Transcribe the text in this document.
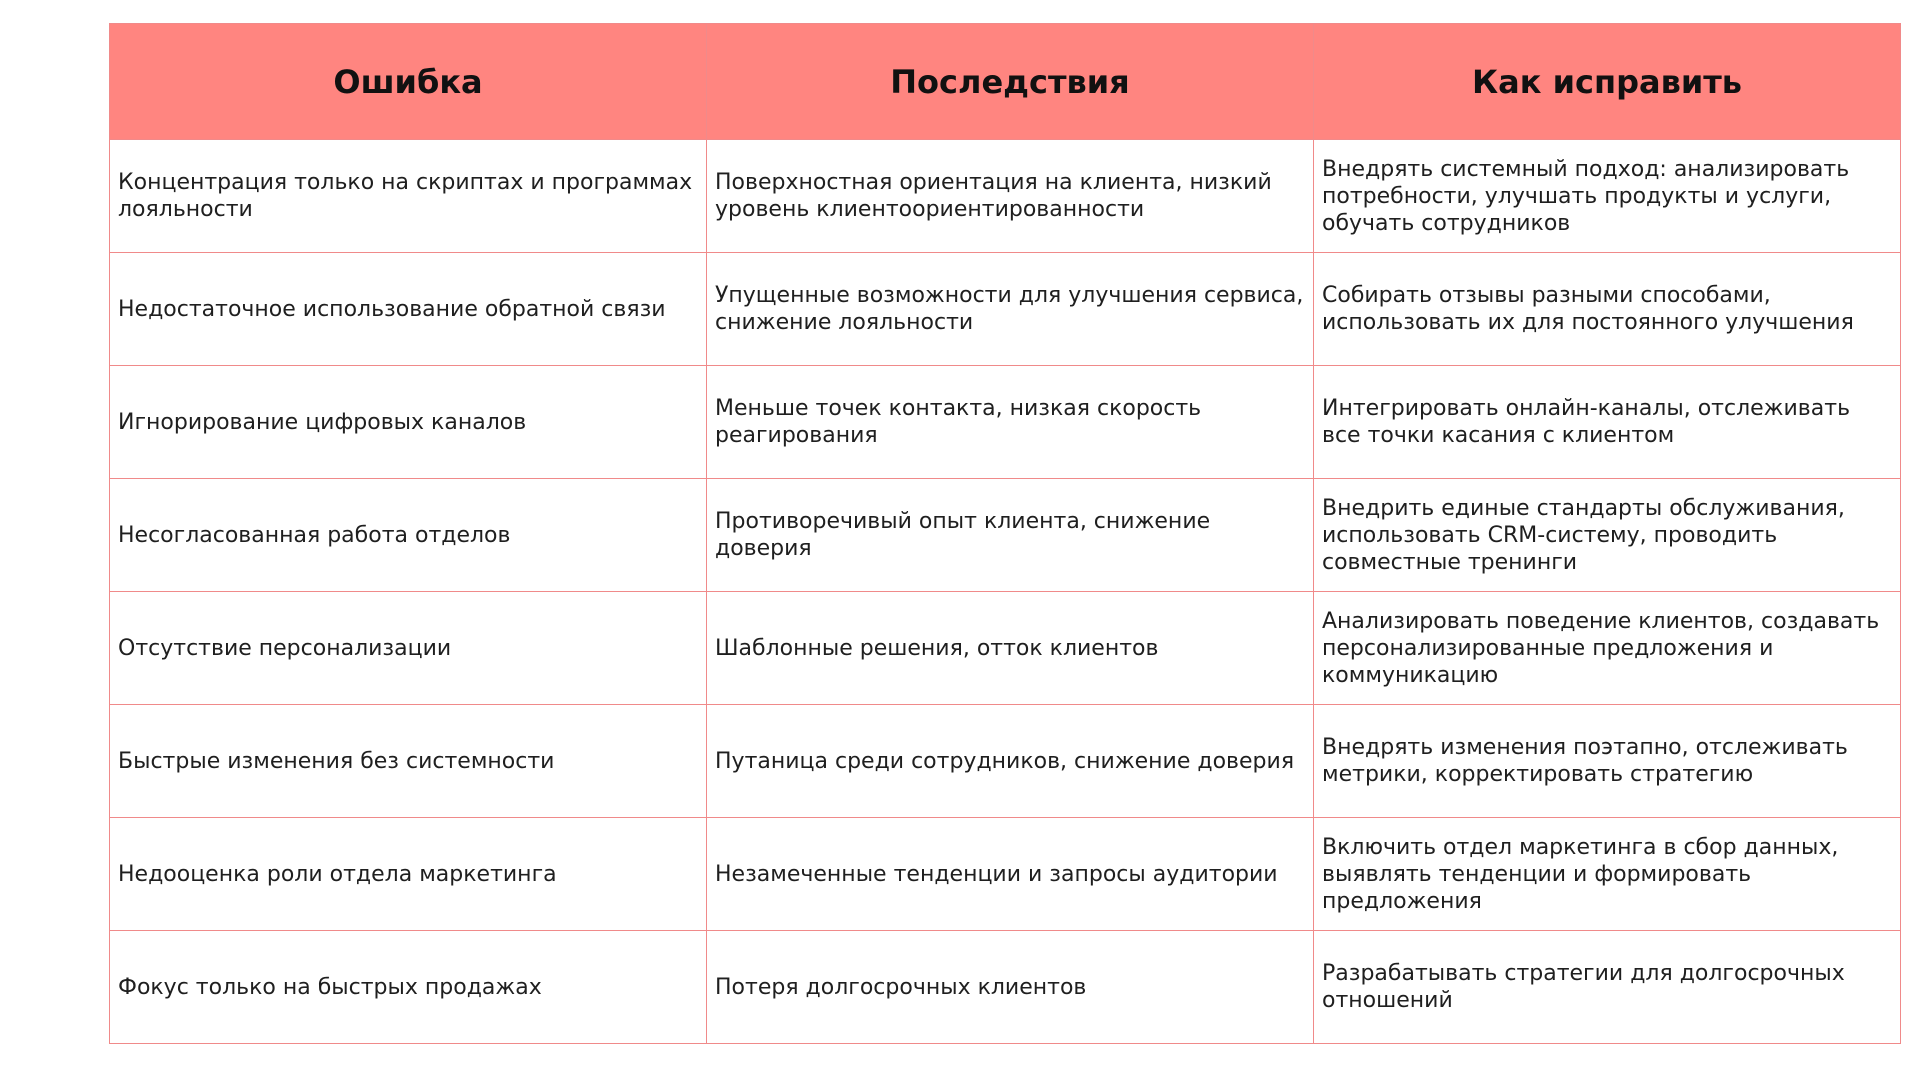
Ошибка	Последствия	Как исправить
Концентрация только на скриптах и программах лояльности	Поверхностная ориентация на клиента, низкий уровень клиентоориентированности	Внедрять системный подход: анализировать потребности, улучшать продукты и услуги, обучать сотрудников
Недостаточное использование обратной связи	Упущенные возможности для улучшения сервиса, снижение лояльности	Собирать отзывы разными способами, использовать их для постоянного улучшения
Игнорирование цифровых каналов	Меньше точек контакта, низкая скорость реагирования	Интегрировать онлайн-каналы, отслеживать все точки касания с клиентом
Несогласованная работа отделов	Противоречивый опыт клиента, снижение доверия	Внедрить единые стандарты обслуживания, использовать CRM-систему, проводить совместные тренинги
Отсутствие персонализации	Шаблонные решения, отток клиентов	Анализировать поведение клиентов, создавать персонализированные предложения и коммуникацию
Быстрые изменения без системности	Путаница среди сотрудников, снижение доверия	Внедрять изменения поэтапно, отслеживать метрики, корректировать стратегию
Недооценка роли отдела маркетинга	Незамеченные тенденции и запросы аудитории	Включить отдел маркетинга в сбор данных, выявлять тенденции и формировать предложения
Фокус только на быстрых продажах	Потеря долгосрочных клиентов	Разрабатывать стратегии для долгосрочных отношений
